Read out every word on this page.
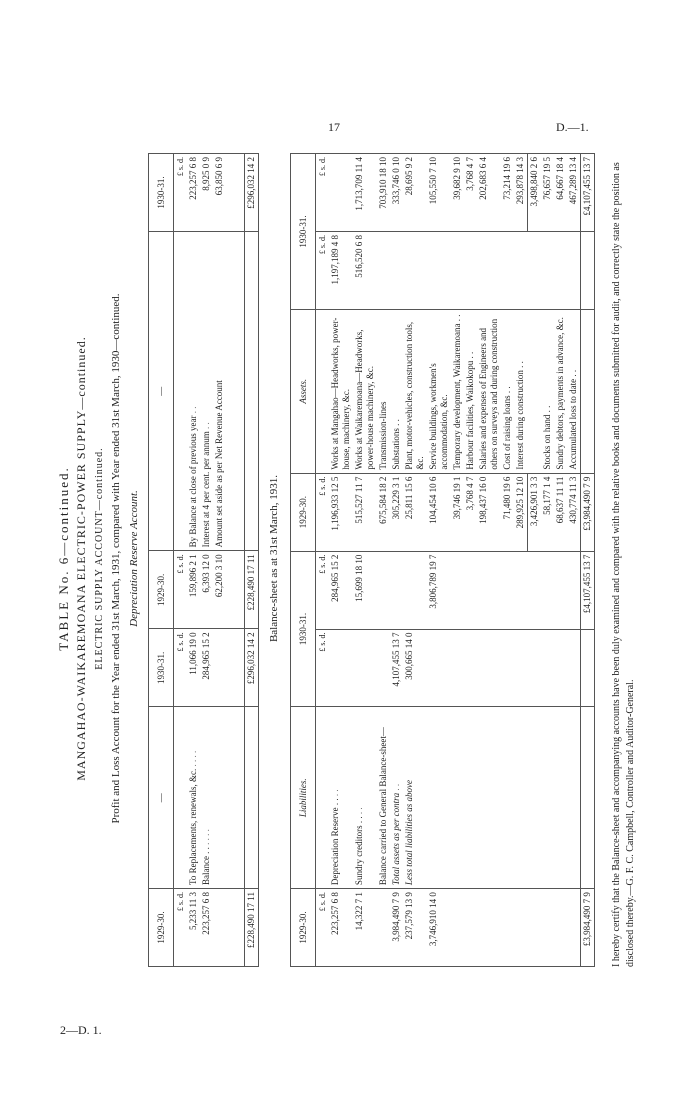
17	D.—1.
2—D. 1.
TABLE No. 6—continued. MANGAHAO-WAIKAREMOANA ELECTRIC-POWER SUPPLY—continued. ELECTRIC SUPPLY ACCOUNT—continued. Profit and Loss Account for the Year ended 31st March, 1931, compared with Year ended 31st March, 1930—continued. Depreciation Reserve Account.
1929-30.	—	1930-31.	1929-30.	—	1930-31.
£ s. d.		£ s. d.	£ s. d.		£ s. d.
5,233 11 3	To Replacements, renewals, &c. . . . .	11,066 19 0	159,896 2 1	By Balance at close of previous year . .	223,257 6 8
223,257 6 8	Balance . . . . . .	284,965 15 2	6,393 12 0	Interest at 4 per cent. per annum . .	8,925 0 9
			62,200 3 10	Amount set aside as per Net Revenue Account	63,850 6 9

£228,490 17 11		£296,032 14 2	£228,490 17 11		£296,032 14 2
Balance-sheet as at 31st March, 1931.
1929-30.	Liabilities.	1930-31.		1929-30.	Assets.	1930-31.	
£ s. d.		£ s. d.	£ s. d.	£ s. d.		£ s. d.	£ s. d.
223,257 6 8	Depreciation Reserve . . . .		284,965 15 2	1,196,933 12 5	Works at Mangahao—Headworks, power-house, machinery, &c.	1,197,189 4 8	
14,322 7 1	Sundry creditors . . . .		15,699 18 10	515,527 11 7	Works at Waikaremoana—Headworks, power-house machinery, &c.	516,520 6 8	1,713,709 11 4
	Balance carried to General Balance-sheet—			675,584 18 2	Transmission-lines		703,910 18 10
3,984,490 7 9	Total assets as per contra . .	4,107,455 13 7		305,229 3 1	Substations . .		333,746 0 10
237,579 13 9	Less total liabilities as above	300,665 14 0		25,811 15 6	Plant, motor-vehicles, construction tools, &c.		28,695 9 2
3,746,910 14 0			3,806,789 19 7	104,454 10 6	Service buildings, workmen's accommodation, &c.		105,550 7 10
				39,746 19 1	Temporary development, Waikaremoana . .		39,682 9 10
				3,768 4 7	Harbour facilities, Waikokopu . .		3,768 4 7
				198,437 16 0	Salaries and expenses of Engineers and others on surveys and during construction		202,683 6 4
				71,480 19 6	Cost of raising loans . .		73,214 19 6
				289,925 12 10	Interest during construction . .		293,878 14 3
				3,426,901 3 3			3,498,840 2 6
				58,177 1 4	Stocks on hand . .		76,657 19 5
				68,637 11 11	Sundry debtors, payments in advance, &c.		64,667 18 4
				430,774 11 3	Accumulated loss to date . .		467,289 13 4
£3,984,490 7 9			£4,107,455 13 7	£3,984,490 7 9			£4,107,455 13 7 I hereby certify that the Balance-sheet and accompanying accounts have been duly examined and compared with the relative books and documents submitted for audit, and correctly state the position as disclosed thereby.—G. F. C. Campbell, Controller and Auditor-General.
